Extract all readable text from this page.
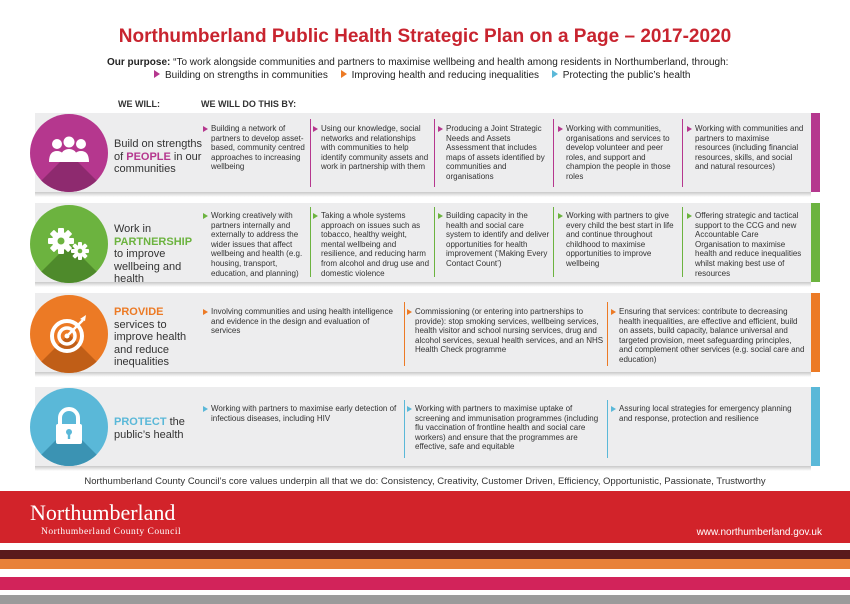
Northumberland Public Health Strategic Plan on a Page – 2017-2020
Our purpose: “To work alongside communities and partners to maximise wellbeing and health among residents in Northumberland, through:
Building on strengths in communities Improving health and reducing inequalities Protecting the public’s health
WE WILL:	WE WILL DO THIS BY:
Build on strengths of PEOPLE in our communities
Work in PARTNERSHIP to improve wellbeing and health
PROVIDE services to improve health and reduce inequalities
PROTECT the public’s health
Building a network of partners to develop asset-based, community centred approaches to increasing wellbeing
Using our knowledge, social networks and relationships with communities to help identify community assets and work in partnership with them
Producing a Joint Strategic Needs and Assets Assessment that includes maps of assets identified by communities and organisations
Working with communities, organisations and services to develop volunteer and peer roles, and support and champion the people in those roles
Working with communities and partners to maximise resources (including financial resources, skills, and social and natural resources)
Working creatively with partners internally and externally to address the wider issues that affect wellbeing and health (e.g. housing, transport, education, and planning)
Taking a whole systems approach on issues such as tobacco, healthy weight, mental wellbeing and resilience, and reducing harm from alcohol and drug use and domestic violence
Building capacity in the health and social care system to identify and deliver opportunities for health improvement (‘Making Every Contact Count’)
Working with partners to give every child the best start in life and continue throughout childhood to maximise opportunities to improve wellbeing
Offering strategic and tactical support to the CCG and new Accountable Care Organisation to maximise health and reduce inequalities whilst making best use of resources
Involving communities and using health intelligence and evidence in the design and evaluation of services
Commissioning (or entering into partnerships to provide): stop smoking services, wellbeing services, health visitor and school nursing services, drug and alcohol services, sexual health services, and an NHS Health Check programme
Ensuring that services: contribute to decreasing health inequalities, are effective and efficient, build on assets, build capacity, balance universal and targeted provision, meet safeguarding principles, and complement other services (e.g. social care and education)
Working with partners to maximise early detection of infectious diseases, including HIV
Working with partners to maximise uptake of screening and immunisation programmes (including flu vaccination of frontline health and social care workers) and ensure that the programmes are effective, safe and equitable
Assuring local strategies for emergency planning and response, protection and resilience
Northumberland County Council’s core values underpin all that we do: Consistency, Creativity, Customer Driven, Efficiency, Opportunistic, Passionate, Trustworthy
Northumberland
Northumberland County Council	www.northumberland.gov.uk
